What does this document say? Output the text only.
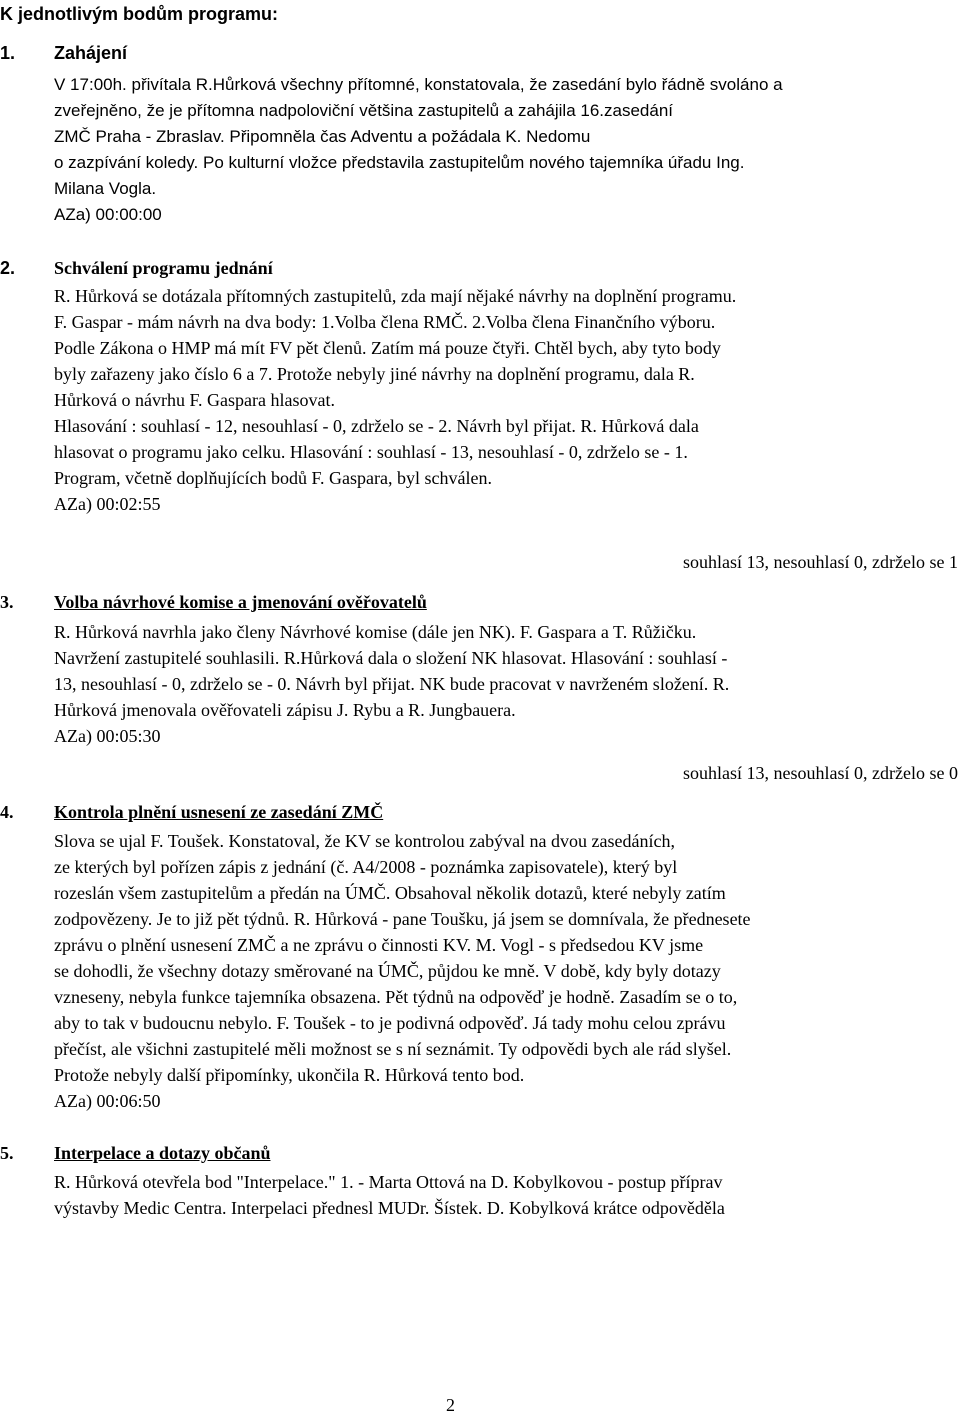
K jednotlivým bodům programu:
1. Zahájení
V 17:00h. přivítala R.Hůrková všechny přítomné, konstatovala, že zasedání bylo řádně svoláno a
zveřejněno, že je přítomna nadpoloviční většina zastupitelů a zahájila 16.zasedání
ZMČ Praha - Zbraslav. Připomněla čas Adventu a požádala K. Nedomu
o zazpívání koledy. Po kulturní vložce představila zastupitelům nového tajemníka úřadu Ing.
Milana Vogla.
AZa) 00:00:00
2. Schválení programu jednání
R. Hůrková se dotázala přítomných zastupitelů, zda mají nějaké návrhy na doplnění programu.
F. Gaspar - mám návrh na dva body: 1.Volba člena RMČ. 2.Volba člena Finančního výboru.
Podle Zákona o HMP má mít FV pět členů. Zatím má pouze čtyři. Chtěl bych, aby tyto body
byly zařazeny jako číslo 6 a 7. Protože nebyly jiné návrhy na doplnění programu, dala R.
Hůrková o návrhu F. Gaspara hlasovat.
Hlasování : souhlasí - 12, nesouhlasí - 0, zdrželo se - 2. Návrh byl přijat. R. Hůrková dala
hlasovat o programu jako celku. Hlasování : souhlasí - 13, nesouhlasí - 0, zdrželo se - 1.
Program, včetně doplňujících bodů F. Gaspara, byl schválen.
AZa) 00:02:55
souhlasí 13, nesouhlasí 0, zdrželo se 1
3. Volba návrhové komise a jmenování ověřovatelů
R. Hůrková navrhla jako členy Návrhové komise (dále jen NK). F. Gaspara a T. Růžičku.
Navržení zastupitelé souhlasili. R.Hůrková dala o složení NK hlasovat. Hlasování : souhlasí -
13, nesouhlasí - 0, zdrželo se - 0. Návrh byl přijat. NK bude pracovat v navrženém složení. R.
Hůrková jmenovala ověřovateli zápisu J. Rybu a R. Jungbauera.
AZa) 00:05:30
souhlasí 13, nesouhlasí 0, zdrželo se 0
4. Kontrola plnění usnesení ze zasedání ZMČ
Slova se ujal F. Toušek. Konstatoval, že KV se kontrolou zabýval na dvou zasedáních,
ze kterých byl pořízen zápis z jednání (č. A4/2008 - poznámka zapisovatele), který byl
rozeslán všem zastupitelům a předán na ÚMČ. Obsahoval několik dotazů, které nebyly zatím
zodpovězeny. Je to již pět týdnů. R. Hůrková - pane Toušku, já jsem se domnívala, že přednesete
zprávu o plnění usnesení ZMČ a ne zprávu o činnosti KV. M. Vogl - s předsedou KV jsme
se dohodli, že všechny dotazy směrované na ÚMČ, půjdou ke mně. V době, kdy byly dotazy
vzneseny, nebyla funkce tajemníka obsazena. Pět týdnů na odpověď je hodně. Zasadím se o to,
aby to tak v budoucnu nebylo. F. Toušek - to je podivná odpověď. Já tady mohu celou zprávu
přečíst, ale všichni zastupitelé měli možnost se s ní seznámit. Ty odpovědi bych ale rád slyšel.
Protože nebyly další připomínky, ukončila R. Hůrková tento bod.
AZa) 00:06:50
5. Interpelace a dotazy občanů
R. Hůrková otevřela bod "Interpelace." 1. - Marta Ottová na D. Kobylkovou - postup příprav
výstavby Medic Centra. Interpelaci přednesl MUDr. Šístek. D. Kobylková krátce odpověděla
2
